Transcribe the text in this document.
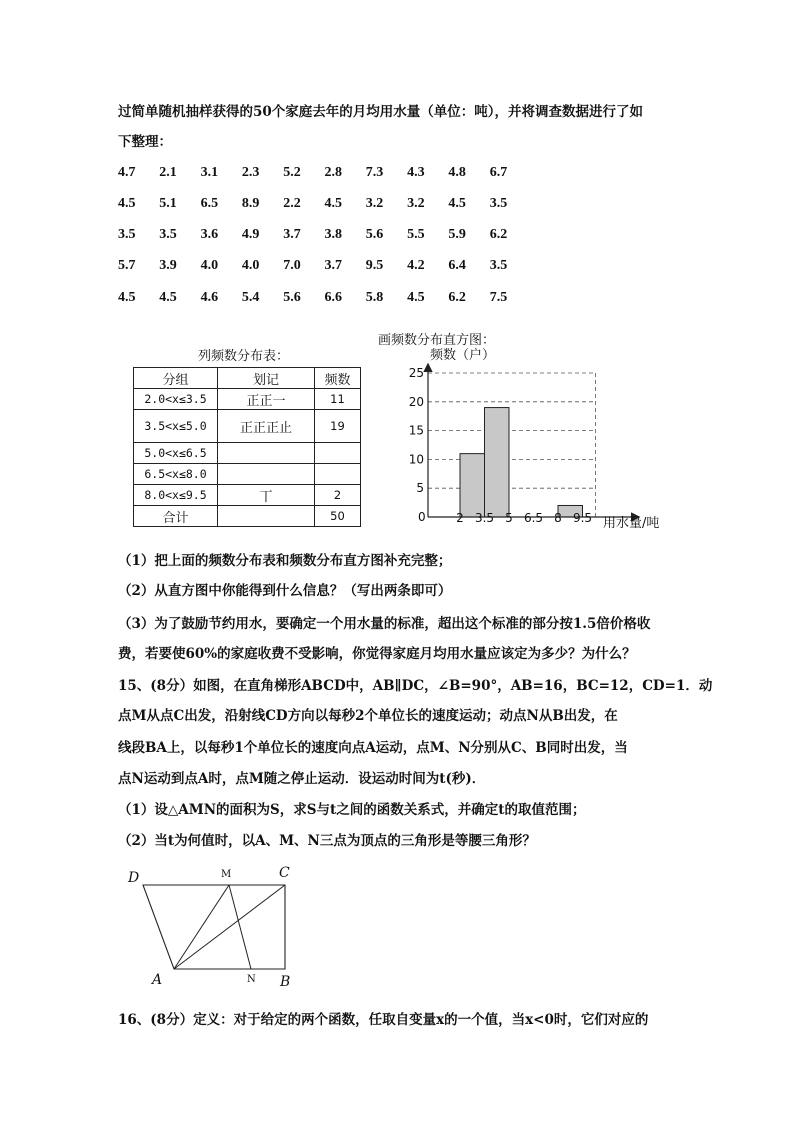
过简单随机抽样获得的50个家庭去年的月均用水量（单位：吨），并将调查数据进行了如
下整理：
4.7 2.1 3.1 2.3 5.2 2.8 7.3 4.3 4.8 6.7
4.5 5.1 6.5 8.9 2.2 4.5 3.2 3.2 4.5 3.5
3.5 3.5 3.6 4.9 3.7 3.8 5.6 5.5 5.9 6.2
5.7 3.9 4.0 4.0 7.0 3.7 9.5 4.2 6.4 3.5
4.5 4.5 4.6 5.4 5.6 6.6 5.8 4.5 6.2 7.5
列频数分布表：
分组	划记	频数
2.0<x≤3.5	正正一	11
3.5<x≤5.0	正正正止	19
5.0<x≤6.5		
6.5<x≤8.0		
8.0<x≤9.5	丅	2
合计		50
画频数分布直方图：
频数（户）
5
10
15
20
25
2 3.5 5 6.5 8 9.5
0	用水量/吨
（1）把上面的频数分布表和频数分布直方图补充完整；
（2）从直方图中你能得到什么信息？（写出两条即可）
（3）为了鼓励节约用水，要确定一个用水量的标准，超出这个标准的部分按1.5倍价格收
费，若要使60%的家庭收费不受影响，你觉得家庭月均用水量应该定为多少？为什么？
15、(8分）如图，在直角梯形ABCD中，AB∥DC，∠B=90°，AB=16，BC=12，CD=1．动
点M从点C出发，沿射线CD方向以每秒2个单位长的速度运动；动点N从B出发，在
线段BA上，以每秒1个单位长的速度向点A运动，点M、N分别从C、B同时出发，当
点N运动到点A时，点M随之停止运动．设运动时间为t(秒)．
（1）设△AMN的面积为S，求S与t之间的函数关系式，并确定t的取值范围；
（2）当t为何值时，以A、M、N三点为顶点的三角形是等腰三角形？
D	M	C
A	N B
16、(8分）定义：对于给定的两个函数，任取自变量x的一个值，当x<0时，它们对应的
